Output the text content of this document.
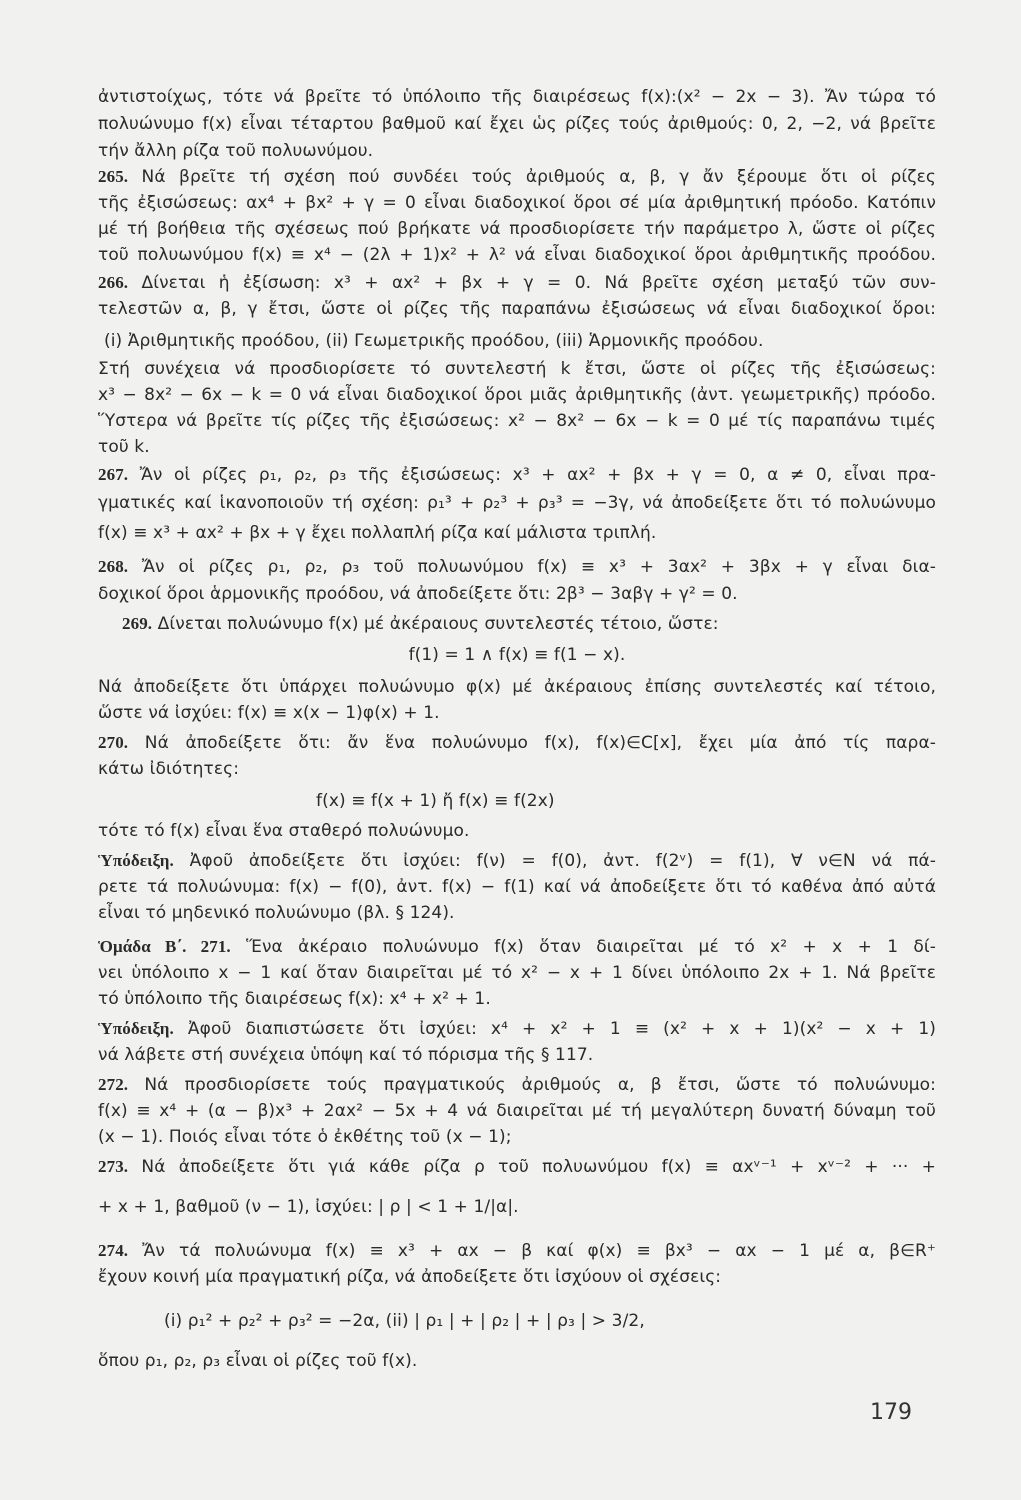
ἀντιστοίχως, τότε νά βρεῖτε τό ὑπόλοιπο τῆς διαιρέσεως f(x):(x² − 2x − 3). Ἄν τώρα τό
πολυώνυμο f(x) εἶναι τέταρτου βαθμοῦ καί ἔχει ὡς ρίζες τούς ἀριθμούς: 0, 2, −2, νά βρεῖτε
τήν ἄλλη ρίζα τοῦ πολυωνύμου.
265. Νά βρεῖτε τή σχέση πού συνδέει τούς ἀριθμούς α, β, γ ἄν ξέρουμε ὅτι οἱ ρίζες
τῆς ἐξισώσεως: αx⁴ + βx² + γ = 0 εἶναι διαδοχικοί ὅροι σέ μία ἀριθμητική πρόοδο. Κατόπιν
μέ τή βοήθεια τῆς σχέσεως πού βρήκατε νά προσδιορίσετε τήν παράμετρο λ, ὥστε οἱ ρίζες
τοῦ πολυωνύμου f(x) ≡ x⁴ − (2λ + 1)x² + λ² νά εἶναι διαδοχικοί ὅροι ἀριθμητικῆς προόδου.
266. Δίνεται ἡ ἐξίσωση: x³ + αx² + βx + γ = 0. Νά βρεῖτε σχέση μεταξύ τῶν συν-
τελεστῶν α, β, γ ἔτσι, ὥστε οἱ ρίζες τῆς παραπάνω ἐξισώσεως νά εἶναι διαδοχικοί ὅροι:
(i) Ἀριθμητικῆς προόδου, (ii) Γεωμετρικῆς προόδου, (iii) Ἁρμονικῆς προόδου.
Στή συνέχεια νά προσδιορίσετε τό συντελεστή k ἔτσι, ὥστε οἱ ρίζες τῆς ἐξισώσεως:
x³ − 8x² − 6x − k = 0 νά εἶναι διαδοχικοί ὅροι μιᾶς ἀριθμητικῆς (ἀντ. γεωμετρικῆς) πρόοδο.
Ὕστερα νά βρεῖτε τίς ρίζες τῆς ἐξισώσεως: x² − 8x² − 6x − k = 0 μέ τίς παραπάνω τιμές
τοῦ k.
267. Ἄν οἱ ρίζες ρ₁, ρ₂, ρ₃ τῆς ἐξισώσεως: x³ + αx² + βx + γ = 0, α ≠ 0, εἶναι πρα-
γματικές καί ἱκανοποιοῦν τή σχέση: ρ₁³ + ρ₂³ + ρ₃³ = −3γ, νά ἀποδείξετε ὅτι τό πολυώνυμο
f(x) ≡ x³ + αx² + βx + γ ἔχει πολλαπλή ρίζα καί μάλιστα τριπλή.
268. Ἄν οἱ ρίζες ρ₁, ρ₂, ρ₃ τοῦ πολυωνύμου f(x) ≡ x³ + 3αx² + 3βx + γ εἶναι δια-
δοχικοί ὅροι ἁρμονικῆς προόδου, νά ἀποδείξετε ὅτι: 2β³ − 3αβγ + γ² = 0.
269. Δίνεται πολυώνυμο f(x) μέ ἀκέραιους συντελεστές τέτοιο, ὥστε:
f(1) = 1 ∧ f(x) ≡ f(1 − x).
Νά ἀποδείξετε ὅτι ὑπάρχει πολυώνυμο φ(x) μέ ἀκέραιους ἐπίσης συντελεστές καί τέτοιο,
ὥστε νά ἰσχύει: f(x) ≡ x(x − 1)φ(x) + 1.
270. Νά ἀποδείξετε ὅτι: ἄν ἕνα πολυώνυμο f(x), f(x)∈C[x], ἔχει μία ἀπό τίς παρα-
κάτω ἰδιότητες:
f(x) ≡ f(x + 1) ἤ f(x) ≡ f(2x)
τότε τό f(x) εἶναι ἕνα σταθερό πολυώνυμο.
Ὑπόδειξη. Ἀφοῦ ἀποδείξετε ὅτι ἰσχύει: f(ν) = f(0), ἀντ. f(2ᵛ) = f(1), ∀ ν∈N νά πά-
ρετε τά πολυώνυμα: f(x) − f(0), ἀντ. f(x) − f(1) καί νά ἀποδείξετε ὅτι τό καθένα ἀπό αὐτά
εἶναι τό μηδενικό πολυώνυμο (βλ. § 124).
Ὁμάδα Β΄. 271. Ἕνα ἀκέραιο πολυώνυμο f(x) ὅταν διαιρεῖται μέ τό x² + x + 1 δί-
νει ὑπόλοιπο x − 1 καί ὅταν διαιρεῖται μέ τό x² − x + 1 δίνει ὑπόλοιπο 2x + 1. Νά βρεῖτε
τό ὑπόλοιπο τῆς διαιρέσεως f(x): x⁴ + x² + 1.
Ὑπόδειξη. Ἀφοῦ διαπιστώσετε ὅτι ἰσχύει: x⁴ + x² + 1 ≡ (x² + x + 1)(x² − x + 1)
νά λάβετε στή συνέχεια ὑπόψη καί τό πόρισμα τῆς § 117.
272. Νά προσδιορίσετε τούς πραγματικούς ἀριθμούς α, β ἔτσι, ὥστε τό πολυώνυμο:
f(x) ≡ x⁴ + (α − β)x³ + 2αx² − 5x + 4 νά διαιρεῖται μέ τή μεγαλύτερη δυνατή δύναμη τοῦ
(x − 1). Ποιός εἶναι τότε ὁ ἐκθέτης τοῦ (x − 1);
273. Νά ἀποδείξετε ὅτι γιά κάθε ρίζα ρ τοῦ πολυωνύμου f(x) ≡ αxᵛ⁻¹ + xᵛ⁻² + ··· +
+ x + 1, βαθμοῦ (ν − 1), ἰσχύει: | ρ | < 1 + 1/|α|.
274. Ἄν τά πολυώνυμα f(x) ≡ x³ + αx − β καί φ(x) ≡ βx³ − αx − 1 μέ α, β∈R⁺
ἔχουν κοινή μία πραγματική ρίζα, νά ἀποδείξετε ὅτι ἰσχύουν οἱ σχέσεις:
(i) ρ₁² + ρ₂² + ρ₃² = −2α, (ii) | ρ₁ | + | ρ₂ | + | ρ₃ | > 3/2,
ὅπου ρ₁, ρ₂, ρ₃ εἶναι οἱ ρίζες τοῦ f(x).
179
